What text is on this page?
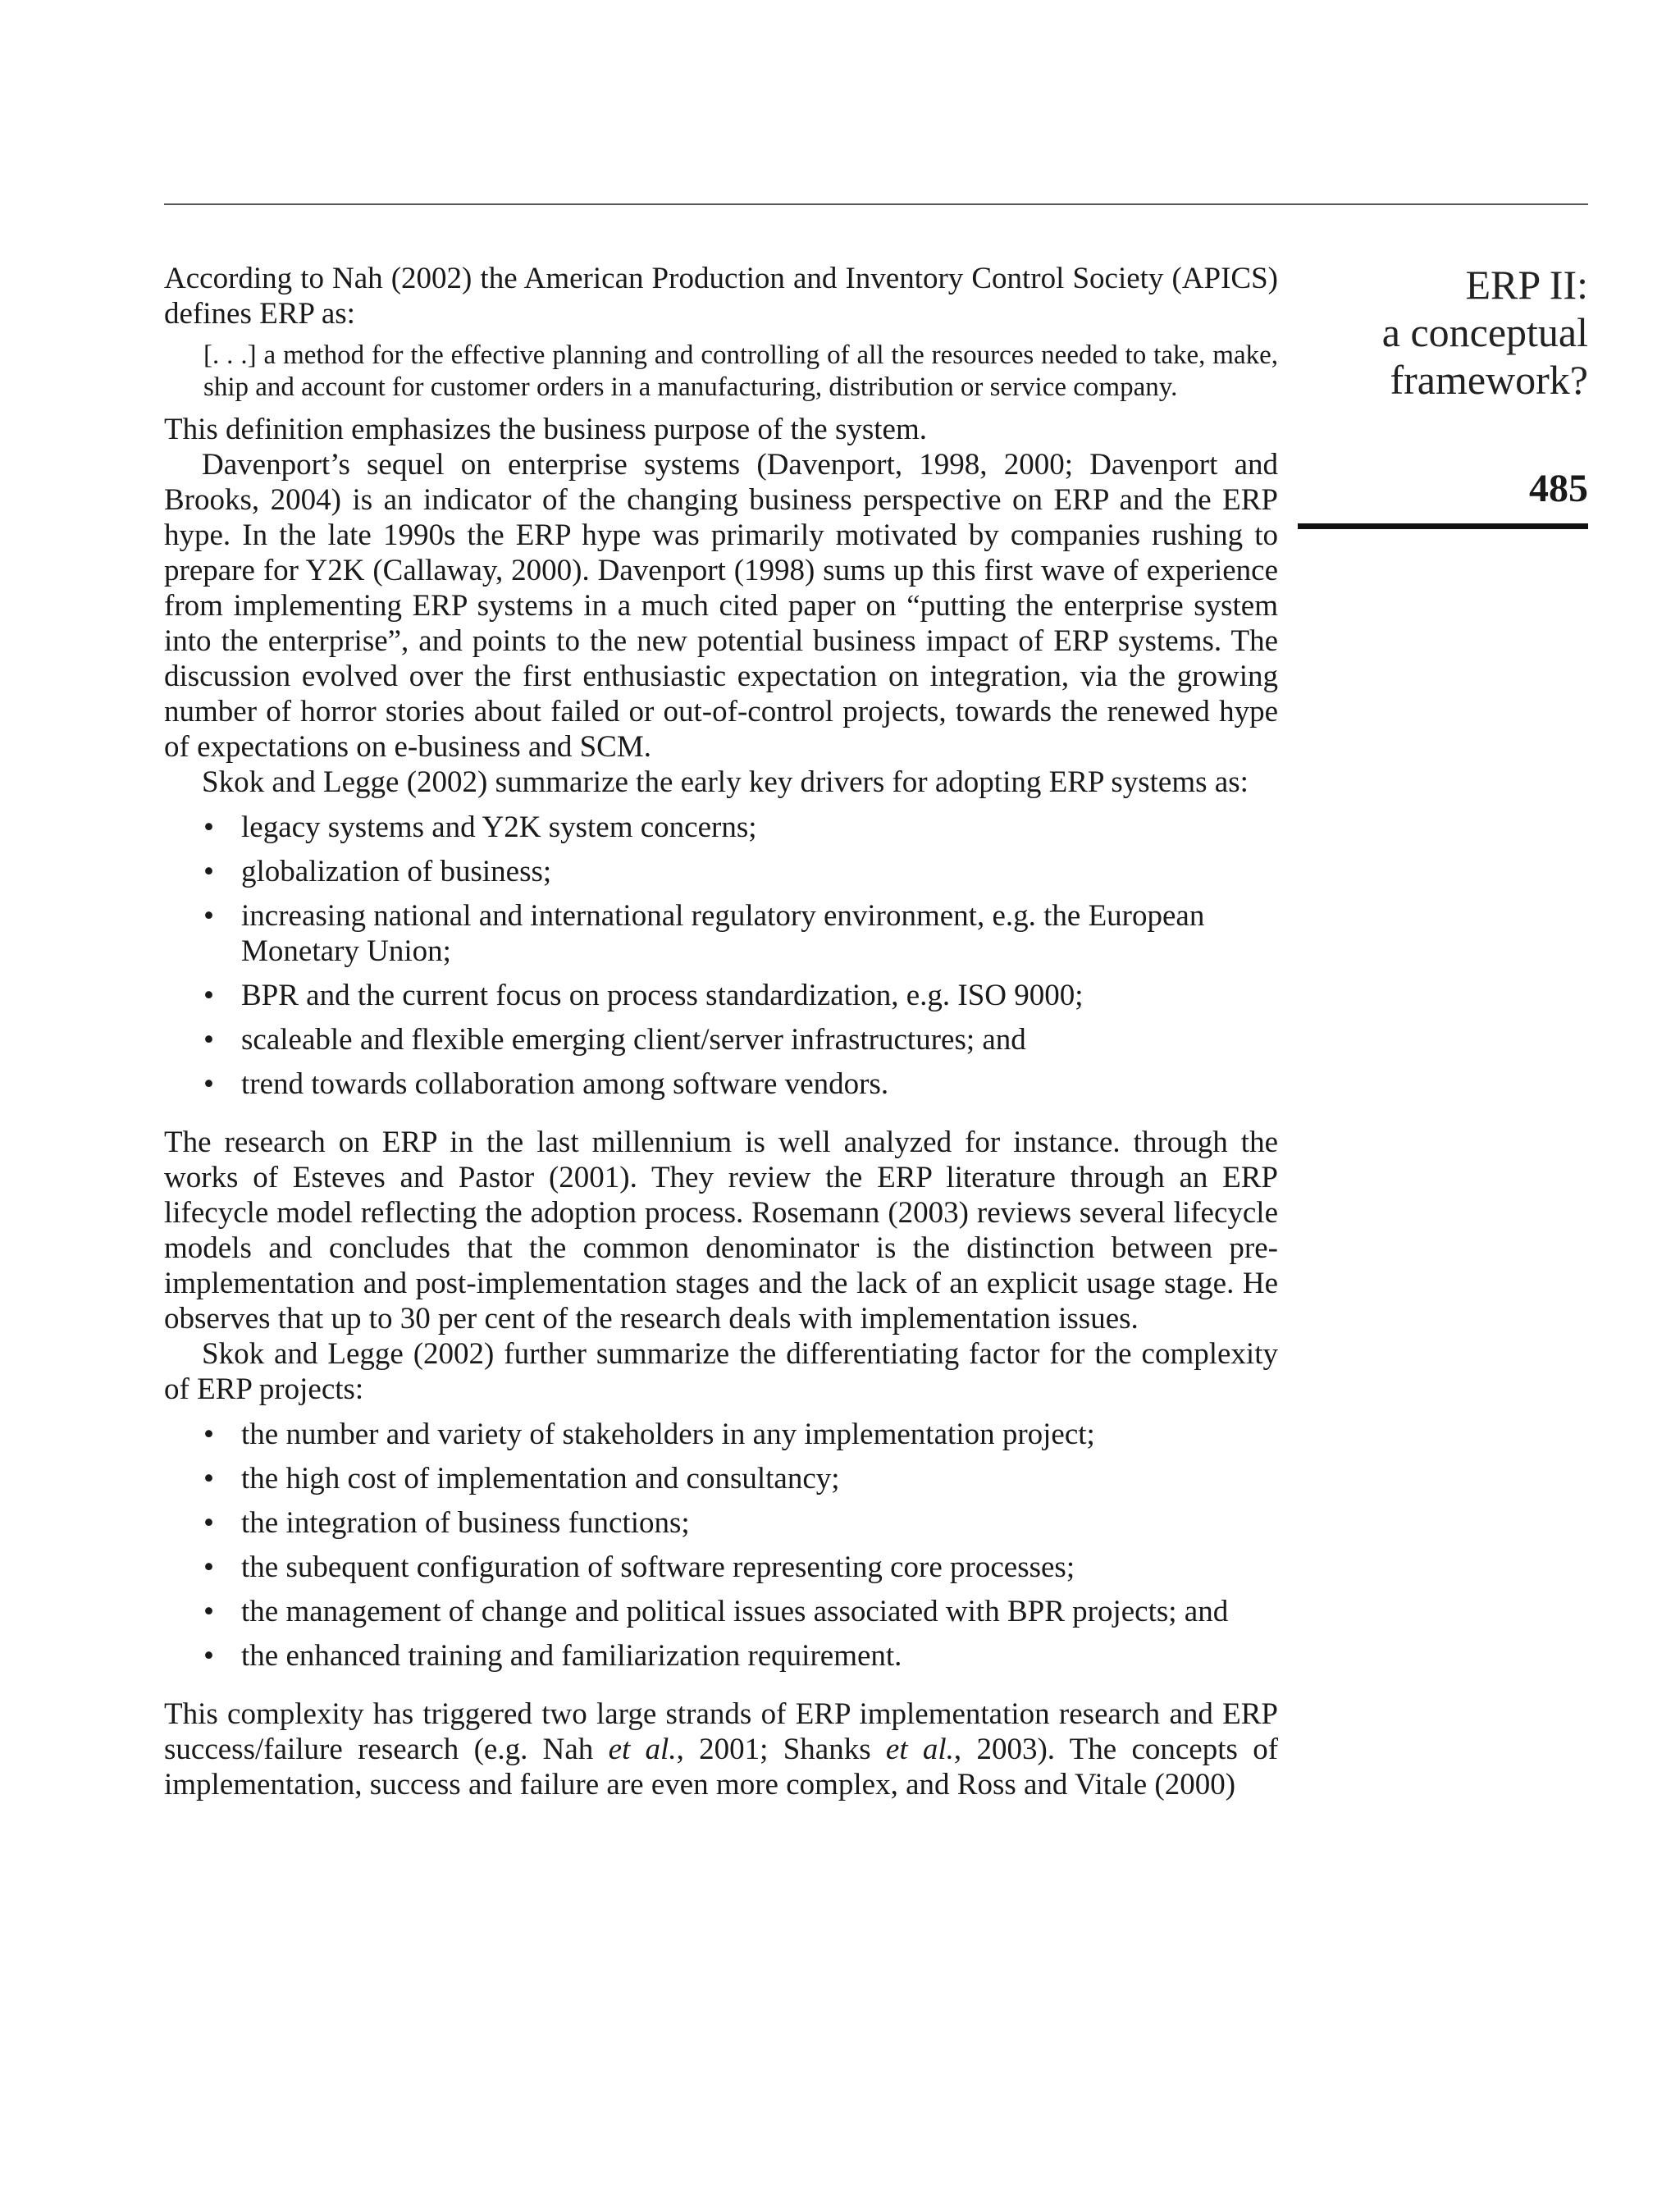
ERP II:
a conceptual
framework?
485

According to Nah (2002) the American Production and Inventory Control Society (APICS) defines ERP as:

[. . .] a method for the effective planning and controlling of all the resources needed to take, make, ship and account for customer orders in a manufacturing, distribution or service company.

This definition emphasizes the business purpose of the system.

Davenport’s sequel on enterprise systems (Davenport, 1998, 2000; Davenport and Brooks, 2004) is an indicator of the changing business perspective on ERP and the ERP hype. In the late 1990s the ERP hype was primarily motivated by companies rushing to prepare for Y2K (Callaway, 2000). Davenport (1998) sums up this first wave of experience from implementing ERP systems in a much cited paper on “putting the enterprise system into the enterprise”, and points to the new potential business impact of ERP systems. The discussion evolved over the first enthusiastic expectation on integration, via the growing number of horror stories about failed or out-of-control projects, towards the renewed hype of expectations on e-business and SCM.

Skok and Legge (2002) summarize the early key drivers for adopting ERP systems as:

• legacy systems and Y2K system concerns;
• globalization of business;
• increasing national and international regulatory environment, e.g. the European Monetary Union;
• BPR and the current focus on process standardization, e.g. ISO 9000;
• scaleable and flexible emerging client/server infrastructures; and
• trend towards collaboration among software vendors.

The research on ERP in the last millennium is well analyzed for instance. through the works of Esteves and Pastor (2001). They review the ERP literature through an ERP lifecycle model reflecting the adoption process. Rosemann (2003) reviews several lifecycle models and concludes that the common denominator is the distinction between pre-implementation and post-implementation stages and the lack of an explicit usage stage. He observes that up to 30 per cent of the research deals with implementation issues.

Skok and Legge (2002) further summarize the differentiating factor for the complexity of ERP projects:

• the number and variety of stakeholders in any implementation project;
• the high cost of implementation and consultancy;
• the integration of business functions;
• the subequent configuration of software representing core processes;
• the management of change and political issues associated with BPR projects; and
• the enhanced training and familiarization requirement.

This complexity has triggered two large strands of ERP implementation research and ERP success/failure research (e.g. Nah et al., 2001; Shanks et al., 2003). The concepts of implementation, success and failure are even more complex, and Ross and Vitale (2000)
